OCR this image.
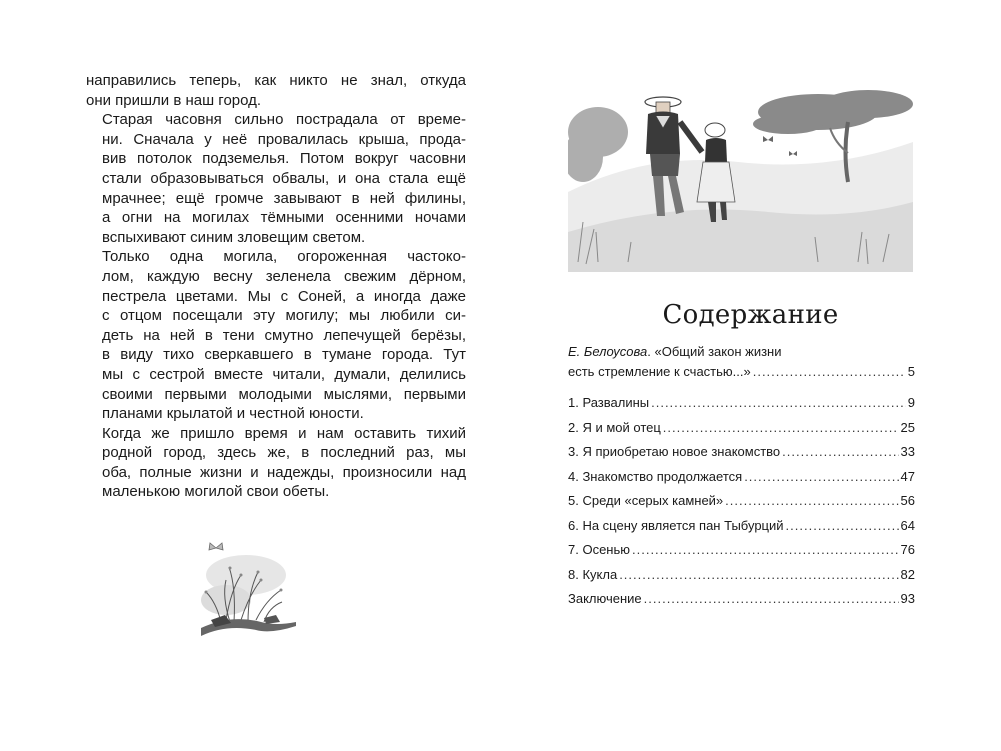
направились теперь, как никто не знал, откуда
они пришли в наш город.

Старая часовня сильно пострадала от време-
ни. Сначала у неё провалилась крыша, прода-
вив потолок подземелья. Потом вокруг часовни
стали образовываться обвалы, и она стала ещё
мрачнее; ещё громче завывают в ней филины,
а огни на могилах тёмными осенними ночами
вспыхивают синим зловещим светом.

Только одна могила, огороженная частоко-
лом, каждую весну зеленела свежим дёрном,
пестрела цветами. Мы с Соней, а иногда даже
с отцом посещали эту могилу; мы любили си-
деть на ней в тени смутно лепечущей берёзы,
в виду тихо сверкавшего в тумане города. Тут
мы с сестрой вместе читали, думали, делились
своими первыми молодыми мыслями, первыми
планами крылатой и честной юности.

Когда же пришло время и нам оставить тихий
родной город, здесь же, в последний раз, мы
оба, полные жизни и надежды, произносили над
маленькою могилой свои обеты.

Содержание
Е. Белоусова. «Общий закон жизни
есть стремление к счастью...» .....	5
1. Развалины .....	9
2. Я и мой отец .....	25
3. Я приобретаю новое знакомство .....	33
4. Знакомство продолжается .....	47
5. Среди «серых камней» .....	56
6. На сцену является пан Тыбурций .....	64
7. Осенью .....	76
8. Кукла .....	82
Заключение .....	93
